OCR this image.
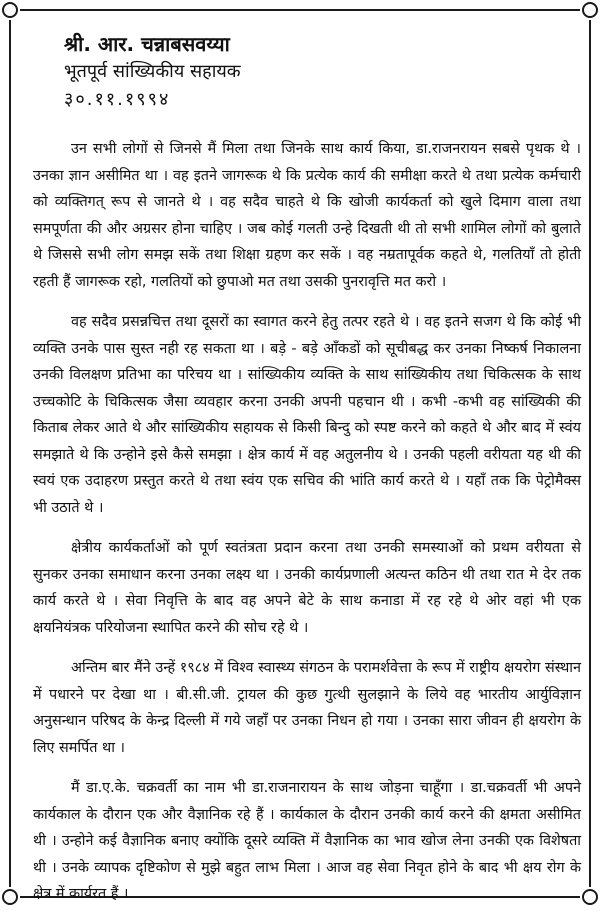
श्री. आर. चन्नाबसवय्या
भूतपूर्व सांख्यिकीय सहायक
३०.११.१९९४

उन सभी लोगों से जिनसे मैं मिला तथा जिनके साथ कार्य किया, डा.राजनरायन सबसे पृथक थे । उनका ज्ञान असीमित था । वह इतने जागरूक थे कि प्रत्येक कार्य की समीक्षा करते थे तथा प्रत्येक कर्मचारी को व्यक्तिगत् रूप से जानते थे । वह सदैव चाहते थे कि खोजी कार्यकर्ता को खुले दिमाग वाला तथा समपूर्णता की और अग्रसर होना चाहिए । जब कोई गलती उन्हे दिखती थी तो सभी शामिल लोगों को बुलाते थे जिससे सभी लोग समझ सकें तथा शिक्षा ग्रहण कर सकें । वह नम्रतापूर्वक कहते थे, गलतियाँ तो होती रहती हैं जागरूक रहो, गलतियों को छुपाओ मत तथा उसकी पुनरावृत्ति मत करो ।

वह सदैव प्रसन्नचित्त तथा दूसरों का स्वागत करने हेतु तत्पर रहते थे । वह इतने सजग थे कि कोई भी व्यक्ति उनके पास सुस्त नही रह सकता था । बड़े - बड़े आँकडों को सूचीबद्ध कर उनका निष्कर्ष निकालना उनकी विलक्षण प्रतिभा का परिचय था । सांख्यिकीय व्यक्ति के साथ सांख्यिकीय तथा चिकित्सक के साथ उच्चकोटि के चिकित्सक जैसा व्यवहार करना उनकी अपनी पहचान थी । कभी -कभी वह सांख्यिकी की किताब लेकर आते थे और सांख्यिकीय सहायक से किसी बिन्दु को स्पष्ट करने को कहते थे और बाद में स्वंय समझाते थे कि उन्होने इसे कैसे समझा । क्षेत्र कार्य में वह अतुलनीय थे । उनकी पहली वरीयता यह थी की स्वयं एक उदाहरण प्रस्तुत करते थे तथा स्वंय एक सचिव की भांति कार्य करते थे । यहाँ तक कि पेट्रोमैक्स भी उठाते थे ।

क्षेत्रीय कार्यकर्ताओं को पूर्ण स्वतंत्रता प्रदान करना तथा उनकी समस्याओं को प्रथम वरीयता से सुनकर उनका समाधान करना उनका लक्ष्य था । उनकी कार्यप्रणाली अत्यन्त कठिन थी तथा रात मे देर तक कार्य करते थे । सेवा निवृत्ति के बाद वह अपने बेटे के साथ कनाडा में रह रहे थे ओर वहां भी एक क्षयनियंत्रक परियोजना स्थापित करने की सोच रहे थे ।

अन्तिम बार मैंने उन्हें १९८४ में विश्व स्वास्थ्य संगठन के परामर्शवेत्ता के रूप में राष्ट्रीय क्षयरोग संस्थान में पधारने पर देखा था । बी.सी.जी. ट्रायल की कुछ गुत्थी सुलझाने के लिये वह भारतीय आर्युविज्ञान अनुसन्धान परिषद के केन्द्र दिल्ली में गये जहाँ पर उनका निधन हो गया । उनका सारा जीवन ही क्षयरोग के लिए समर्पित था ।

मैं डा.ए.के. चक्रवर्ती का नाम भी डा.राजनारायन के साथ जोड़ना चाहूँगा । डा.चक्रवर्ती भी अपने कार्यकाल के दौरान एक और वैज्ञानिक रहे हैं । कार्यकाल के दौरान उनकी कार्य करने की क्षमता असीमित थी । उन्होने कई वैज्ञानिक बनाए क्योंकि दूसरे व्यक्ति में वैज्ञानिक का भाव खोज लेना उनकी एक विशेषता थी । उनके व्यापक दृष्टिकोण से मुझे बहुत लाभ मिला । आज वह सेवा निवृत होने के बाद भी क्षय रोग के क्षेत्र में कार्यरत हैं ।
